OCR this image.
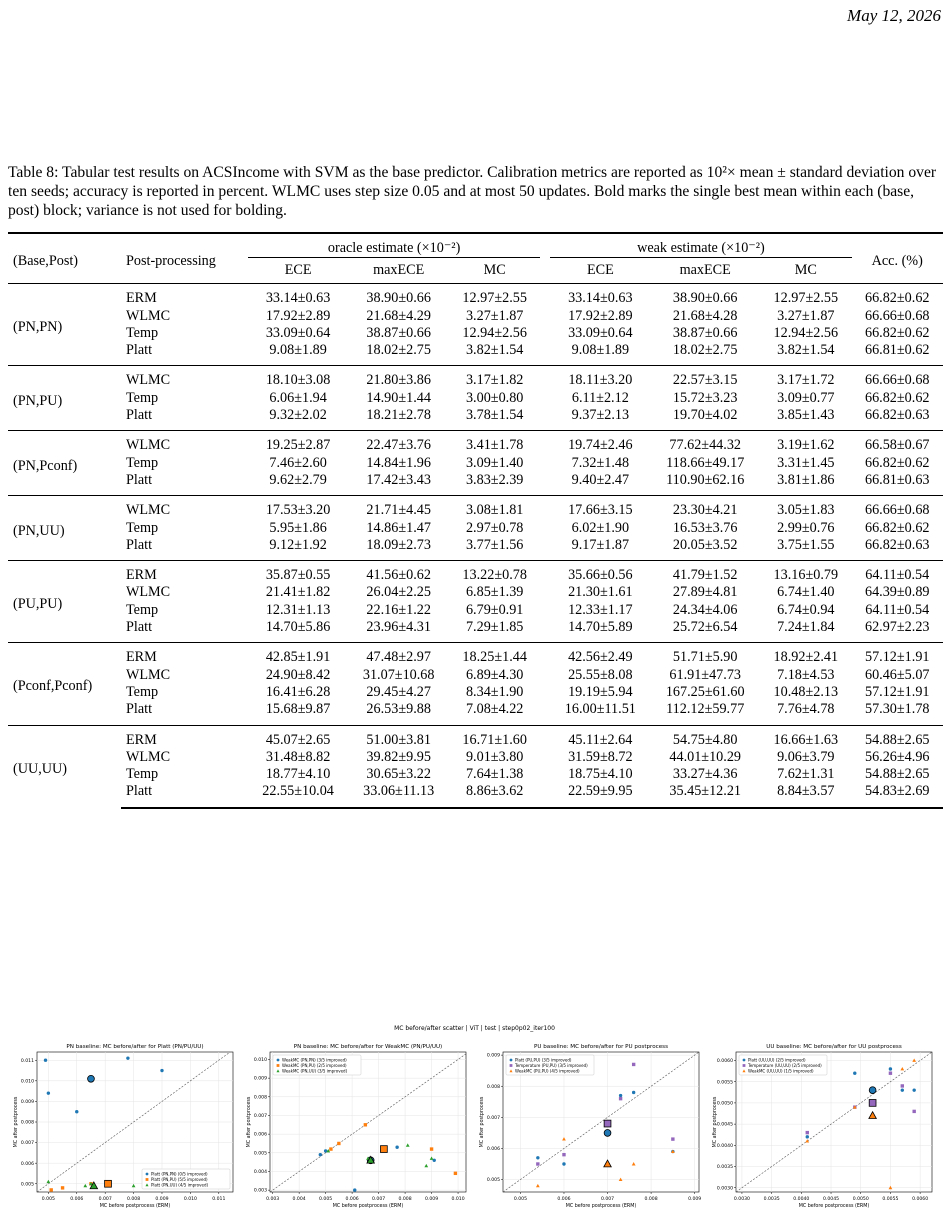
May 12, 2026
Table 8: Tabular test results on ACSIncome with SVM as the base predictor. Calibration metrics are reported as 10²× mean ± standard deviation over ten seeds; accuracy is reported in percent. WLMC uses step size 0.05 and at most 50 updates. Bold marks the single best mean within each (base, post) block; variance is not used for bolding.
(Base,Post)	Post-processing	oracle estimate (×10⁻²)				weak estimate (×10⁻²)			Acc. (%)
		ECE	maxECE	MC		ECE	maxECE	MC	
(PN,PN)	ERM	33.14±0.63	38.90±0.66	12.97±2.55		33.14±0.63	38.90±0.66	12.97±2.55	66.82±0.62
	WLMC	17.92±2.89	21.68±4.29	3.27±1.87		17.92±2.89	21.68±4.28	3.27±1.87	66.66±0.68
	Temp	33.09±0.64	38.87±0.66	12.94±2.56		33.09±0.64	38.87±0.66	12.94±2.56	66.82±0.62
	Platt	9.08±1.89	18.02±2.75	3.82±1.54		9.08±1.89	18.02±2.75	3.82±1.54	66.81±0.62
(PN,PU)	WLMC	18.10±3.08	21.80±3.86	3.17±1.82		18.11±3.20	22.57±3.15	3.17±1.72	66.66±0.68
	Temp	6.06±1.94	14.90±1.44	3.00±0.80		6.11±2.12	15.72±3.23	3.09±0.77	66.82±0.62
	Platt	9.32±2.02	18.21±2.78	3.78±1.54		9.37±2.13	19.70±4.02	3.85±1.43	66.82±0.63
(PN,Pconf)	WLMC	19.25±2.87	22.47±3.76	3.41±1.78		19.74±2.46	77.62±44.32	3.19±1.62	66.58±0.67
	Temp	7.46±2.60	14.84±1.96	3.09±1.40		7.32±1.48	118.66±49.17	3.31±1.45	66.82±0.62
	Platt	9.62±2.79	17.42±3.43	3.83±2.39		9.40±2.47	110.90±62.16	3.81±1.86	66.81±0.63
(PN,UU)	WLMC	17.53±3.20	21.71±4.45	3.08±1.81		17.66±3.15	23.30±4.21	3.05±1.83	66.66±0.68
	Temp	5.95±1.86	14.86±1.47	2.97±0.78		6.02±1.90	16.53±3.76	2.99±0.76	66.82±0.62
	Platt	9.12±1.92	18.09±2.73	3.77±1.56		9.17±1.87	20.05±3.52	3.75±1.55	66.82±0.63
(PU,PU)	ERM	35.87±0.55	41.56±0.62	13.22±0.78		35.66±0.56	41.79±1.52	13.16±0.79	64.11±0.54
	WLMC	21.41±1.82	26.04±2.25	6.85±1.39		21.30±1.61	27.89±4.81	6.74±1.40	64.39±0.89
	Temp	12.31±1.13	22.16±1.22	6.79±0.91		12.33±1.17	24.34±4.06	6.74±0.94	64.11±0.54
	Platt	14.70±5.86	23.96±4.31	7.29±1.85		14.70±5.89	25.72±6.54	7.24±1.84	62.97±2.23
(Pconf,Pconf)	ERM	42.85±1.91	47.48±2.97	18.25±1.44		42.56±2.49	51.71±5.90	18.92±2.41	57.12±1.91
	WLMC	24.90±8.42	31.07±10.68	6.89±4.30		25.55±8.08	61.91±47.73	7.18±4.53	60.46±5.07
	Temp	16.41±6.28	29.45±4.27	8.34±1.90		19.19±5.94	167.25±61.60	10.48±2.13	57.12±1.91
	Platt	15.68±9.87	26.53±9.88	7.08±4.22		16.00±11.51	112.12±59.77	7.76±4.78	57.30±1.78
(UU,UU)	ERM	45.07±2.65	51.00±3.81	16.71±1.60		45.11±2.64	54.75±4.80	16.66±1.63	54.88±2.65
	WLMC	31.48±8.82	39.82±9.95	9.01±3.80		31.59±8.72	44.01±10.29	9.06±3.79	56.26±4.96
	Temp	18.77±4.10	30.65±3.22	7.64±1.38		18.75±4.10	33.27±4.36	7.62±1.31	54.88±2.65
	Platt	22.55±10.04	33.06±11.13	8.86±3.62		22.59±9.95	35.45±12.21	8.84±3.57	54.83±2.69
MC before/after scatter | ViT | test | step0p02_iter100
PN baseline: MC before/after for Platt (PN/PU/UU)
0.005	0.006	0.007	0.008	0.009	0.010	0.011
0.005
0.006
0.007
0.008
0.009
0.010
0.011
MC before postprocess (ERM)
MC after postprocess
Platt (PN,PN) (0/5 improved)
Platt (PN,PU) (5/5 improved)
Platt (PN,UU) (4/5 improved)
PN baseline: MC before/after for WeakMC (PN/PU/UU)
0.003	0.004	0.005	0.006	0.007	0.008	0.009	0.010
0.003
0.004
0.005
0.006
0.007
0.008
0.009
0.010
MC before postprocess (ERM)
MC after postprocess
WeakMC (PN,PN) (3/5 improved)
WeakMC (PN,PU) (2/5 improved)
WeakMC (PN,UU) (3/5 improved)
PU baseline: MC before/after for PU postprocess
0.005	0.006	0.007	0.008	0.009
0.005
0.006
0.007
0.008
0.009
MC before postprocess (ERM)
MC after postprocess
Platt (PU,PU) (3/5 improved)
Temperature (PU,PU) (3/5 improved)
WeakMC (PU,PU) (4/5 improved)
UU baseline: MC before/after for UU postprocess
0.0030	0.0035	0.0040	0.0045	0.0050	0.0055	0.0060
0.0030
0.0035
0.0040
0.0045
0.0050
0.0055
0.0060
MC before postprocess (ERM)
MC after postprocess
Platt (UU,UU) (2/5 improved)
Temperature (UU,UU) (2/5 improved)
WeakMC (UU,UU) (1/5 improved)
